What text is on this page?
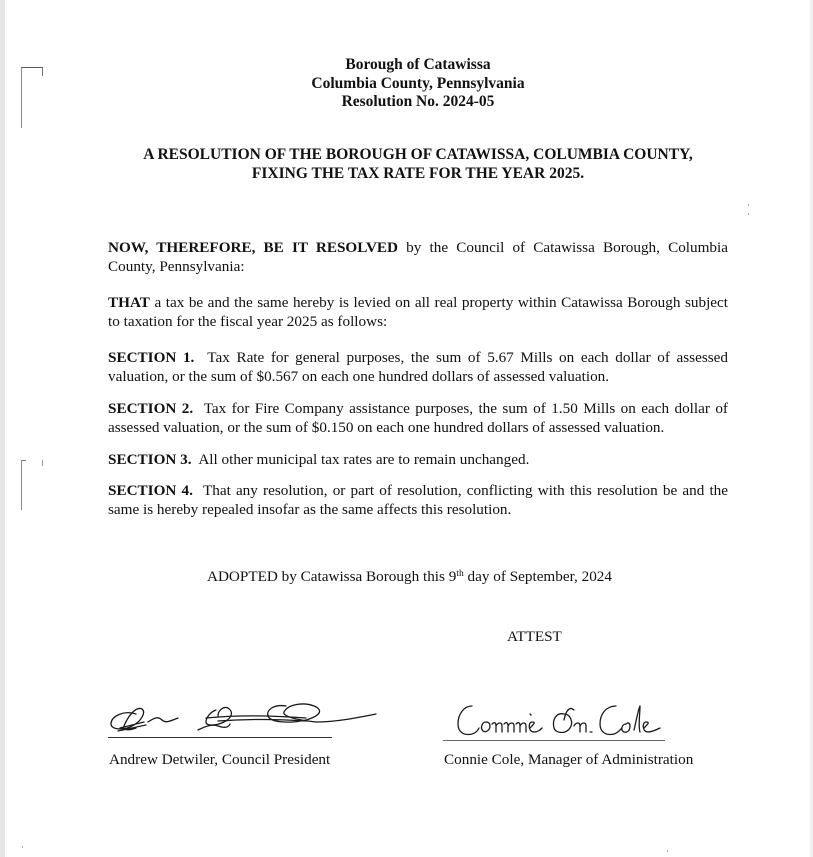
Borough of Catawissa
Columbia County, Pennsylvania
Resolution No. 2024-05
A RESOLUTION OF THE BOROUGH OF CATAWISSA, COLUMBIA COUNTY,
FIXING THE TAX RATE FOR THE YEAR 2025.

NOW, THEREFORE, BE IT RESOLVED by the Council of Catawissa Borough, Columbia County, Pennsylvania:

THAT a tax be and the same hereby is levied on all real property within Catawissa Borough subject to taxation for the fiscal year 2025 as follows:

SECTION 1.  Tax Rate for general purposes, the sum of 5.67 Mills on each dollar of assessed valuation, or the sum of $0.567 on each one hundred dollars of assessed valuation.

SECTION 2.  Tax for Fire Company assistance purposes, the sum of 1.50 Mills on each dollar of assessed valuation, or the sum of $0.150 on each one hundred dollars of assessed valuation.

SECTION 3.  All other municipal tax rates are to remain unchanged.

SECTION 4.  That any resolution, or part of resolution, conflicting with this resolution be and the same is hereby repealed insofar as the same affects this resolution.

ADOPTED by Catawissa Borough this 9th day of September, 2024
ATTEST
Andrew Detwiler, Council President	Connie Cole, Manager of Administration
